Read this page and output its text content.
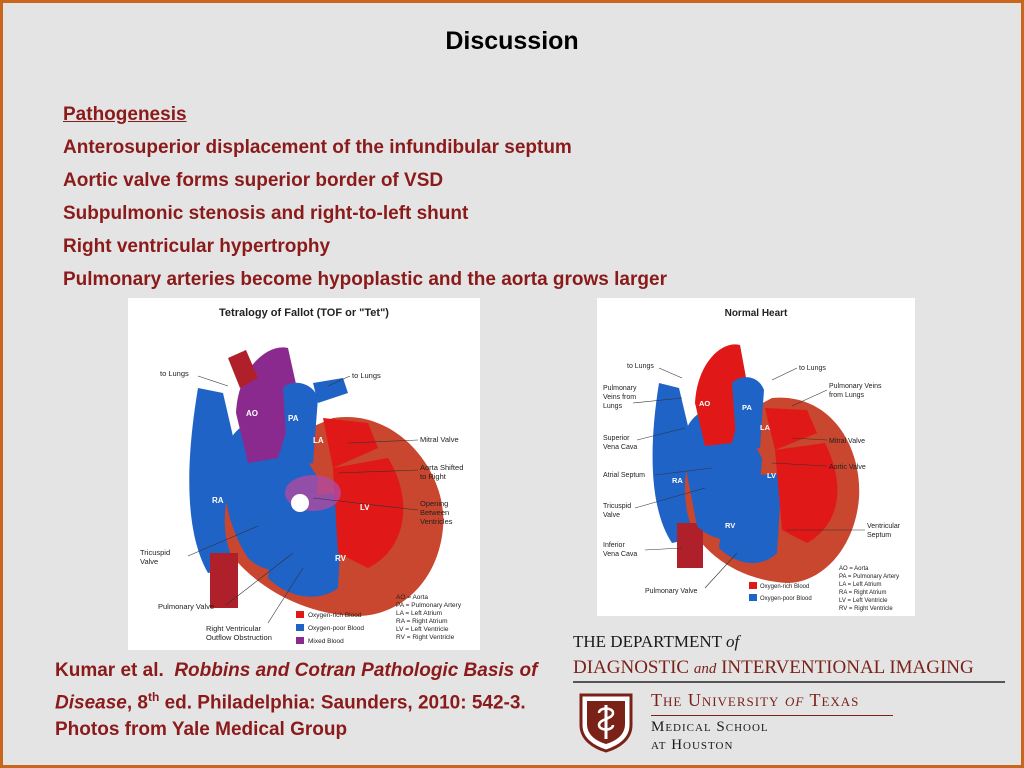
Discussion
Pathogenesis
Anterosuperior displacement of the infundibular septum
Aortic valve forms superior border of VSD
Subpulmonic stenosis and right-to-left shunt
Right ventricular hypertrophy
Pulmonary arteries become hypoplastic and the aorta grows larger
Tetralogy of Fallot (TOF or "Tet")
AO
PA
LA
RA
LV
RV
to Lungs	to Lungs
Mitral Valve
Aorta Shifted
to Right
Opening
Between
Ventricles
Tricuspid
Valve
Pulmonary Valve
Right Ventricular
Outflow Obstruction
AO = Aorta
PA = Pulmonary Artery
LA = Left Atrium
RA = Right Atrium
LV = Left Ventricle
RV = Right Ventricle
Oxygen-rich Blood
Oxygen-poor Blood
Mixed Blood
Normal Heart
AO	PA
LA
RA
LV
RV
to Lungs	to Lungs
Pulmonary
Veins from
Lungs
Pulmonary Veins
from Lungs
Superior
Vena Cava
Mitral Valve
Atrial Septum
Aortic Valve
Tricuspid
Valve
Ventricular
Septum
Inferior
Vena Cava
Pulmonary Valve
AO = Aorta
PA = Pulmonary Artery
LA = Left Atrium
RA = Right Atrium
LV = Left Ventricle
RV = Right Ventricle
Oxygen-rich Blood
Oxygen-poor Blood
Kumar et al. Robbins and Cotran Pathologic Basis of Disease, 8th ed. Philadelphia: Saunders, 2010: 542-3.
Photos from Yale Medical Group
THE DEPARTMENT of
DIAGNOSTIC and INTERVENTIONAL IMAGING
The University of Texas
Medical School
at Houston
